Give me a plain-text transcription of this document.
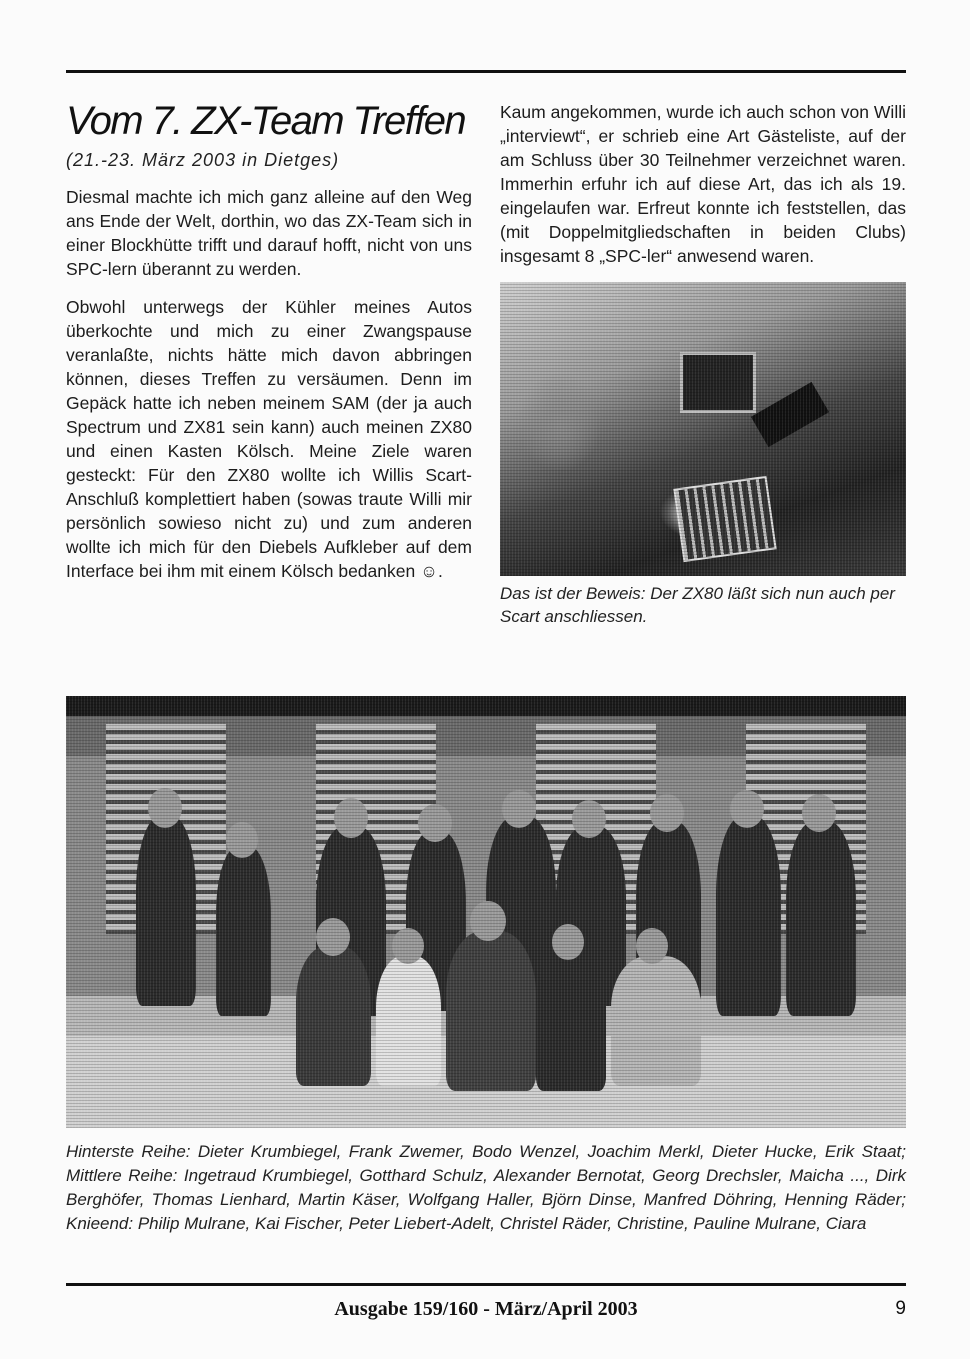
Vom 7. ZX-Team Treffen
(21.-23. März 2003 in Dietges)

Diesmal machte ich mich ganz alleine auf den Weg ans Ende der Welt, dorthin, wo das ZX-Team sich in einer Blockhütte trifft und darauf hofft, nicht von uns SPC-lern überannt zu werden.

Obwohl unterwegs der Kühler meines Autos überkochte und mich zu einer Zwangspause veranlaßte, nichts hätte mich davon abbringen können, dieses Treffen zu versäumen. Denn im Gepäck hatte ich neben meinem SAM (der ja auch Spectrum und ZX81 sein kann) auch meinen ZX80 und einen Kasten Kölsch. Meine Ziele waren gesteckt: Für den ZX80 wollte ich Willis Scart-Anschluß komplettiert haben (sowas traute Willi mir persönlich sowieso nicht zu) und zum anderen wollte ich mich für den Diebels Aufkleber auf dem Interface bei ihm mit einem Kölsch bedanken ☺.

Kaum angekommen, wurde ich auch schon von Willi „interviewt“, er schrieb eine Art Gästeliste, auf der am Schluss über 30 Teilnehmer verzeichnet waren. Immerhin erfuhr ich auf diese Art, das ich als 19. eingelaufen war. Erfreut konnte ich feststellen, das (mit Doppelmitgliedschaften in beiden Clubs) insgesamt 8 „SPC-ler“ anwesend waren.

Das ist der Beweis: Der ZX80 läßt sich nun auch per Scart anschliessen.

Hinterste Reihe: Dieter Krumbiegel, Frank Zwemer, Bodo Wenzel, Joachim Merkl, Dieter Hucke, Erik Staat; Mittlere Reihe: Ingetraud Krumbiegel, Gotthard Schulz, Alexander Bernotat, Georg Drechsler, Maicha ..., Dirk Berghöfer, Thomas Lienhard, Martin Käser, Wolfgang Haller, Björn Dinse, Manfred Döhring, Henning Räder; Knieend: Philip Mulrane, Kai Fischer, Peter Liebert-Adelt, Christel Räder, Christine, Pauline Mulrane, Ciara

Ausgabe 159/160 - März/April 2003	9
